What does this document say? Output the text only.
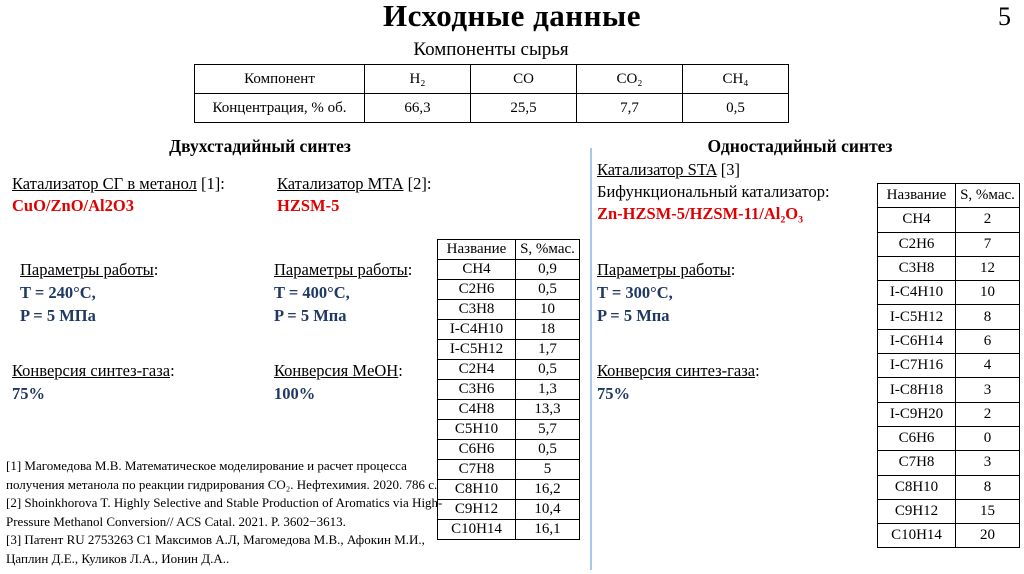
Исходные данные	5
Компоненты сырья
Компонент	H₂	CO	CO₂	CH₄
Концентрация, % об.	66,3	25,5	7,7	0,5
Двухстадийный синтез	Одностадийный синтез
Катализатор СГ в метанол [1]:
CuO/ZnO/Al2O3
Катализатор МТА [2]:
HZSM-5
Катализатор STA [3]
Бифункциональный катализатор:
Zn-HZSM-5/HZSM-11/Al₂O₃
Параметры работы:
T = 240°C,
P = 5 МПа
Параметры работы:
T = 400°C,
P = 5 Мпа
Параметры работы:
T = 300°C,
P = 5 Мпа
Конверсия синтез-газа:
75%
Конверсия MeOH:
100%
Конверсия синтез-газа:
75%
Название	S, %мас.
CH4	0,9
C2H6	0,5
C3H8	10
I-C4H10	18
I-C5H12	1,7
C2H4	0,5
C3H6	1,3
C4H8	13,3
C5H10	5,7
C6H6	0,5
C7H8	5
C8H10	16,2
C9H12	10,4
C10H14	16,1
Название	S, %мас.
CH4	2
C2H6	7
C3H8	12
I-C4H10	10
I-C5H12	8
I-C6H14	6
I-C7H16	4
I-C8H18	3
I-C9H20	2
C6H6	0
C7H8	3
C8H10	8
C9H12	15
C10H14	20

[1] Магомедова М.В. Математическое моделирование и расчет процесса получения метанола по реакции гидрирования CO₂. Нефтехимия. 2020. 786 с.

[2] Shoinkhorova T. Highly Selective and Stable Production of Aromatics via High-Pressure Methanol Conversion// ACS Catal. 2021. P. 3602−3613.

[3] Патент RU 2753263 C1 Максимов А.Л, Магомедова М.В., Афокин М.И., Цаплин Д.Е., Куликов Л.А., Ионин Д.А..
